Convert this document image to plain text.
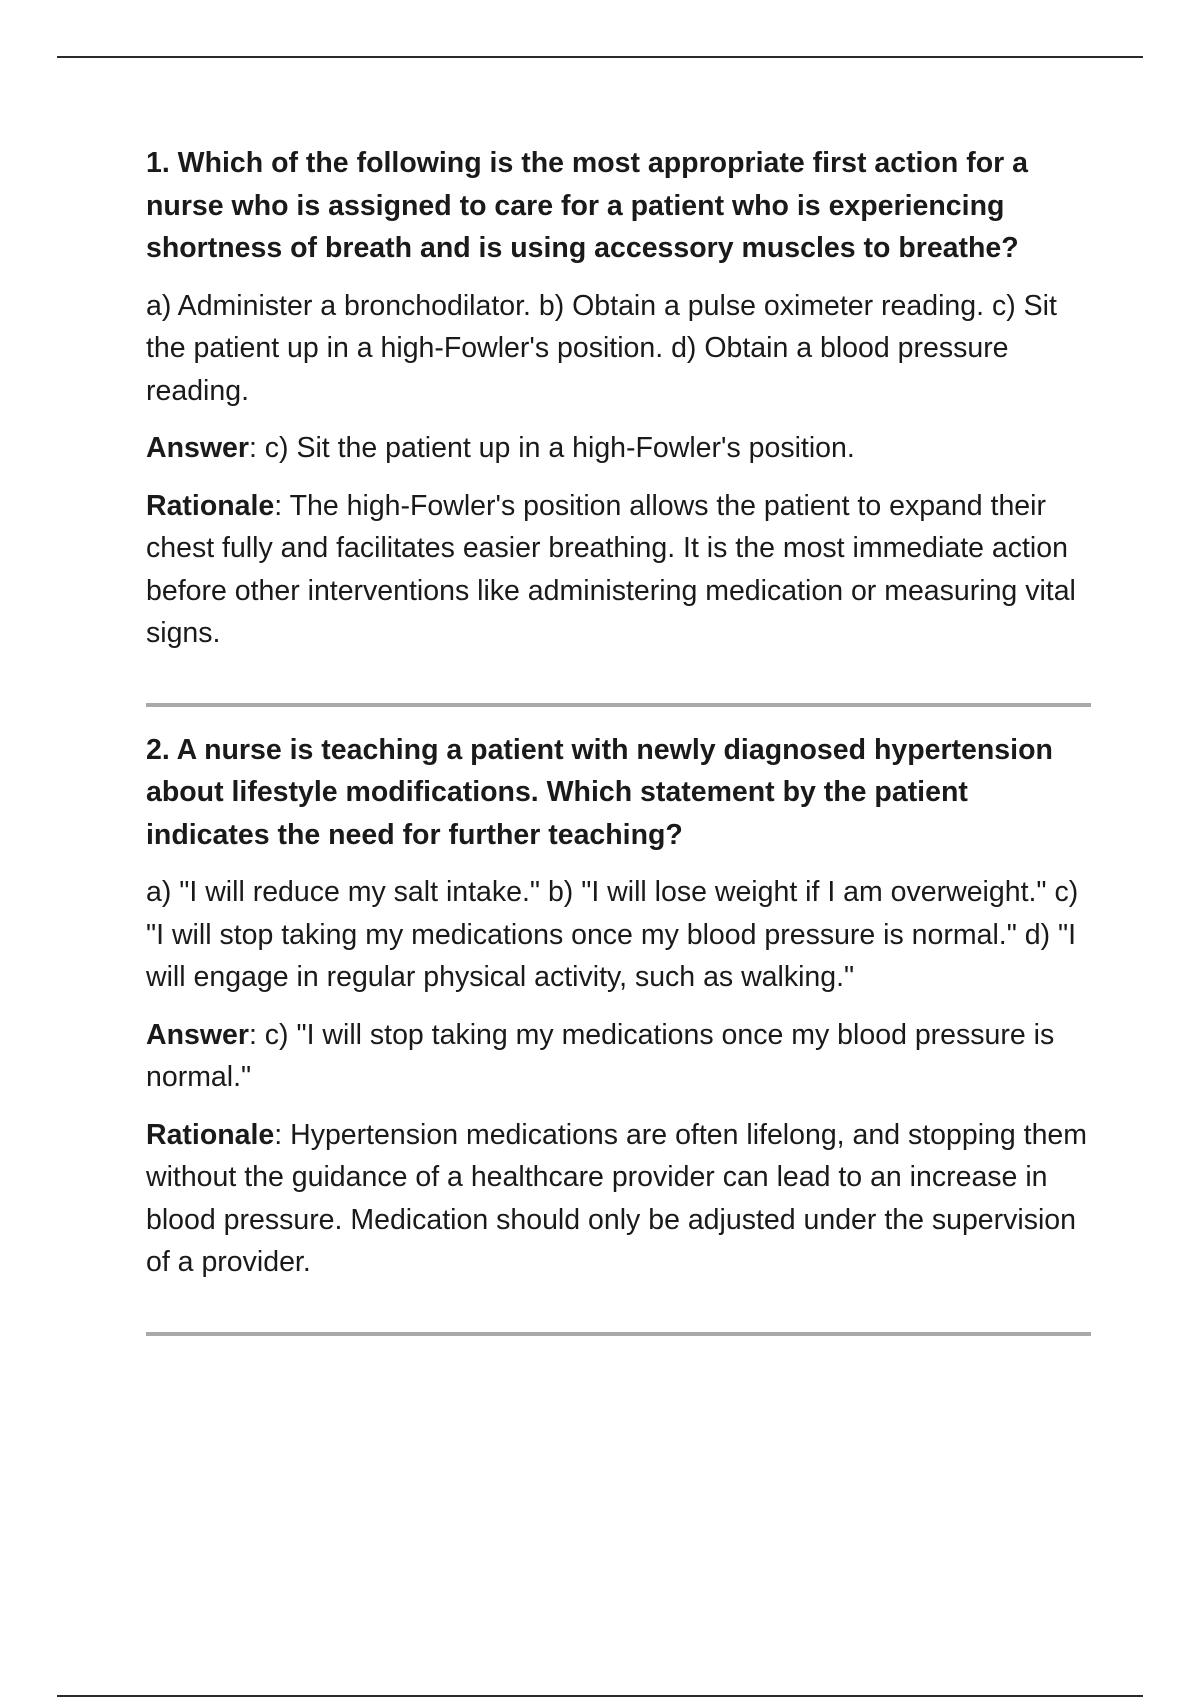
1. Which of the following is the most appropriate first action for a nurse who is assigned to care for a patient who is experiencing shortness of breath and is using accessory muscles to breathe?

a) Administer a bronchodilator. b) Obtain a pulse oximeter reading. c) Sit the patient up in a high-Fowler's position. d) Obtain a blood pressure reading.

Answer: c) Sit the patient up in a high-Fowler's position.

Rationale: The high-Fowler's position allows the patient to expand their chest fully and facilitates easier breathing. It is the most immediate action before other interventions like administering medication or measuring vital signs.

2. A nurse is teaching a patient with newly diagnosed hypertension about lifestyle modifications. Which statement by the patient indicates the need for further teaching?

a) "I will reduce my salt intake." b) "I will lose weight if I am overweight." c) "I will stop taking my medications once my blood pressure is normal." d) "I will engage in regular physical activity, such as walking."

Answer: c) "I will stop taking my medications once my blood pressure is normal."

Rationale: Hypertension medications are often lifelong, and stopping them without the guidance of a healthcare provider can lead to an increase in blood pressure. Medication should only be adjusted under the supervision of a provider.
